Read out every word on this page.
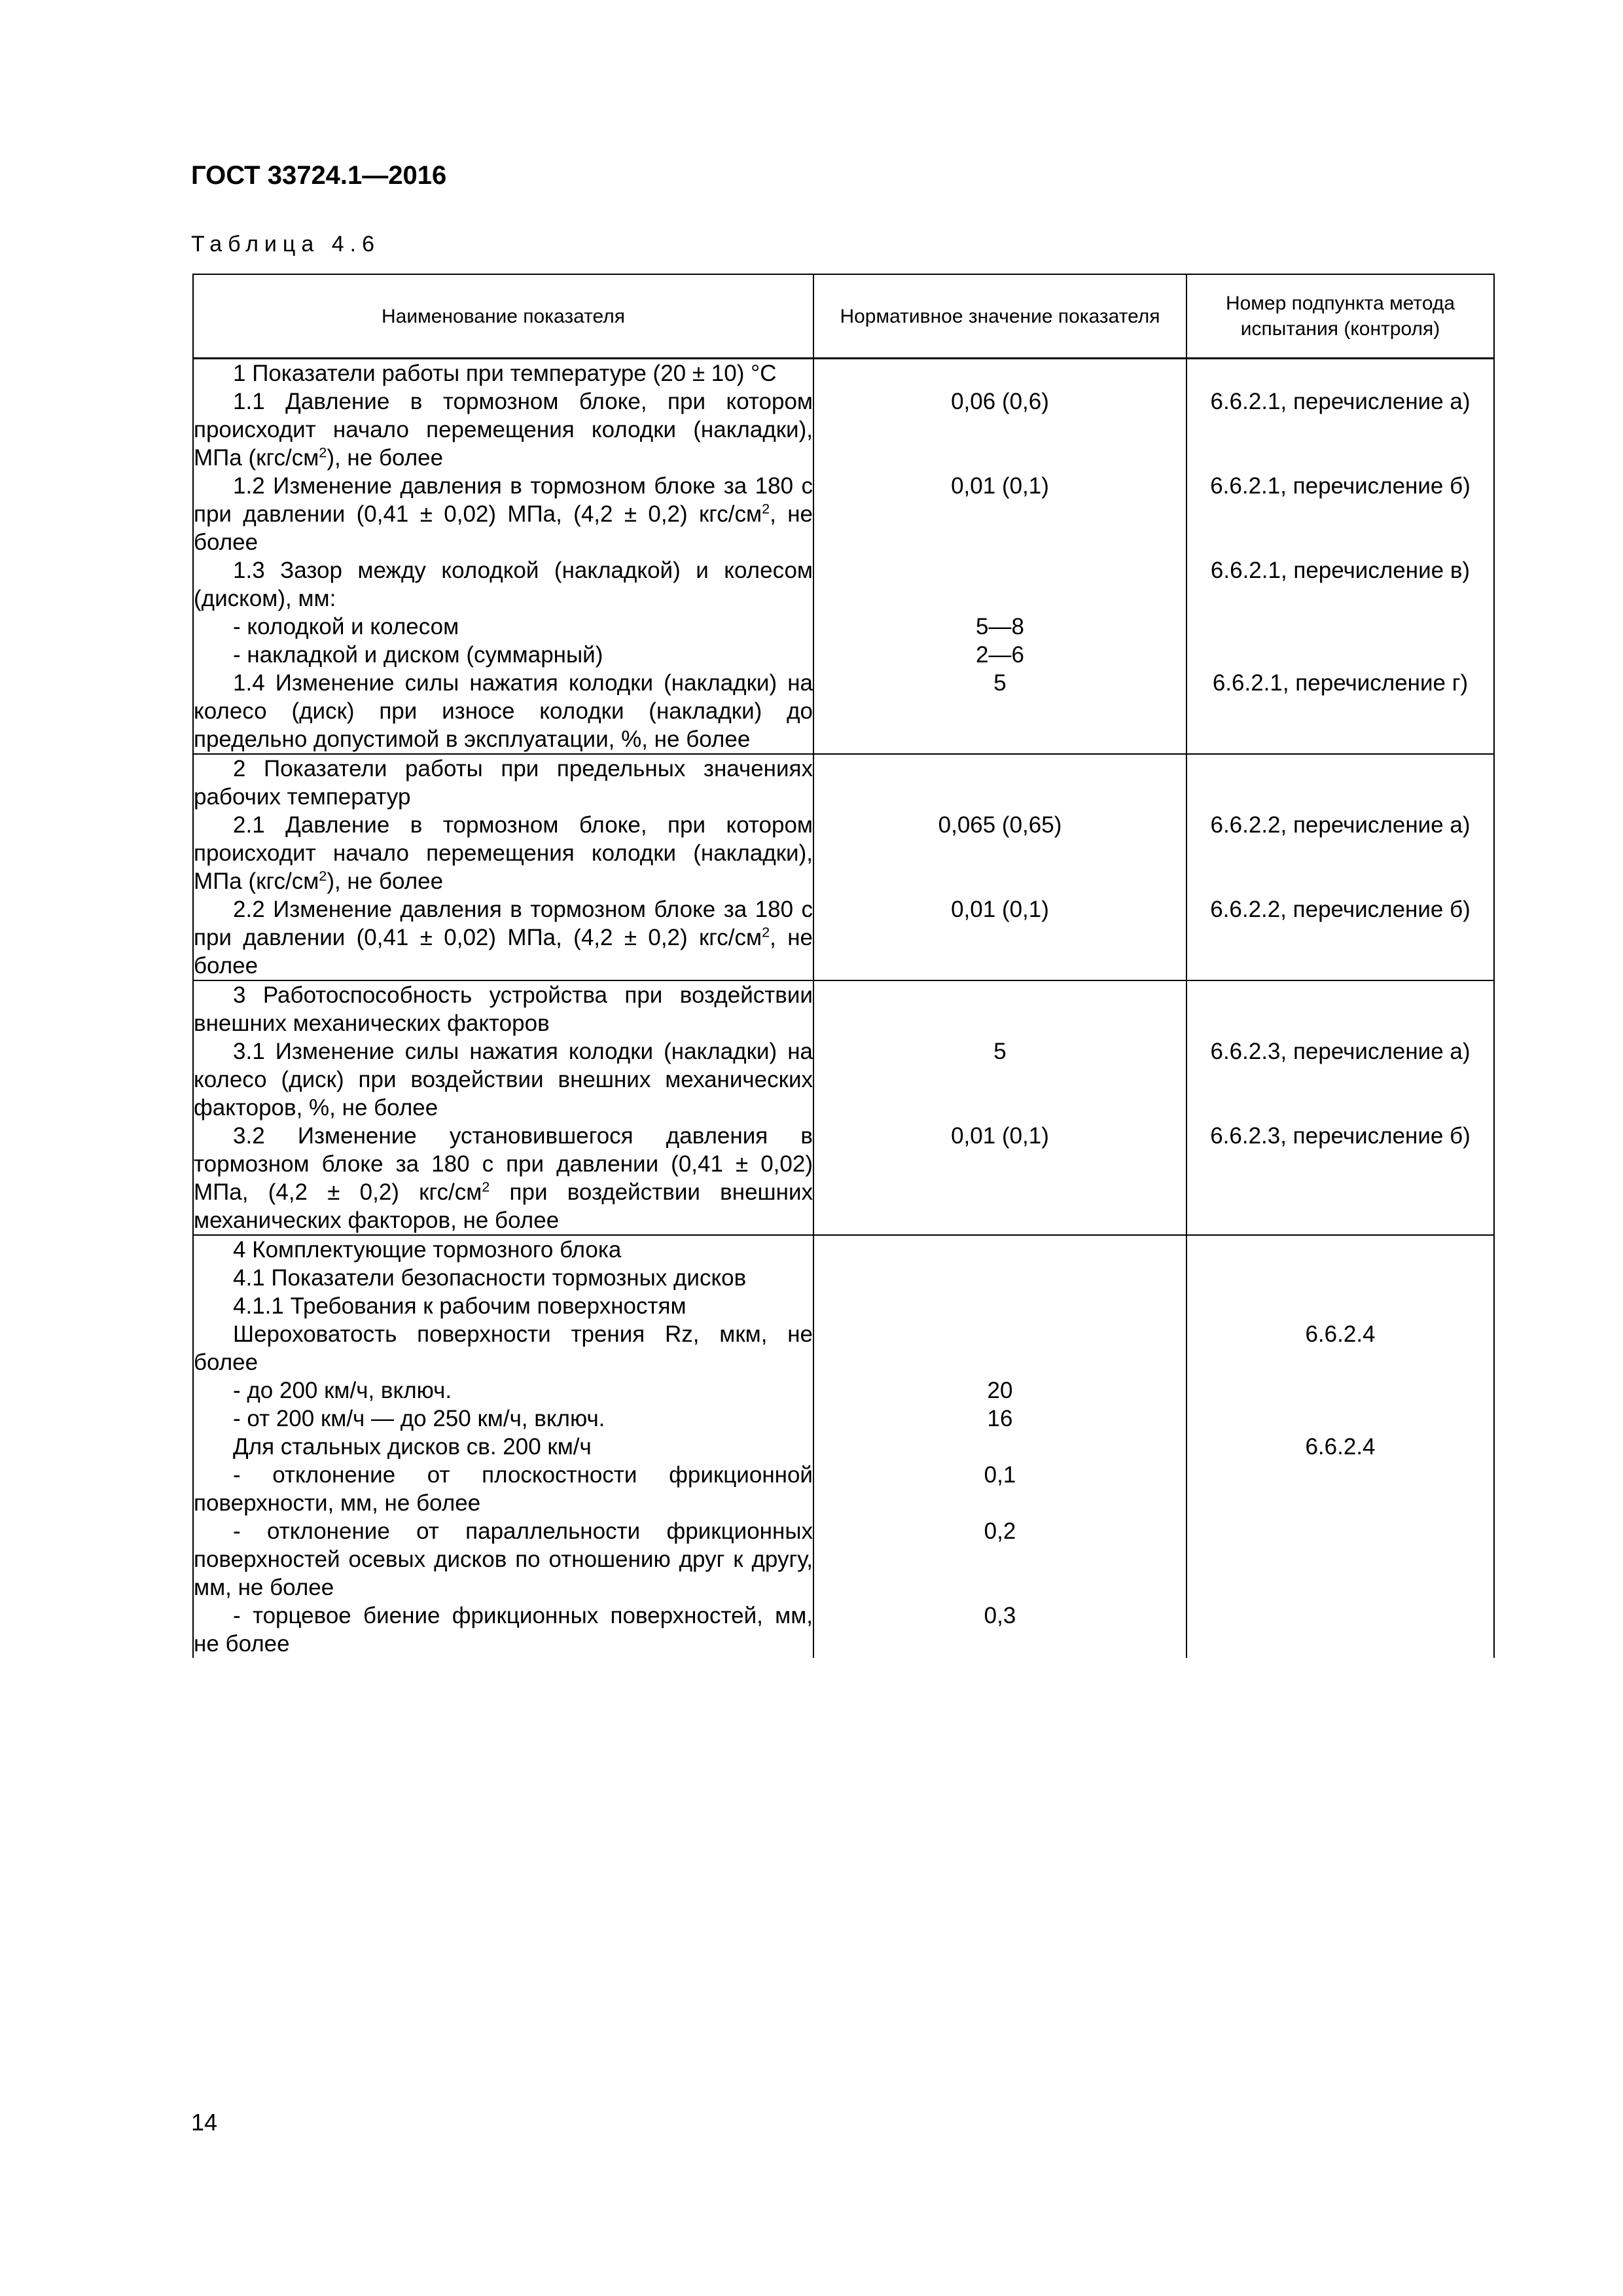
ГОСТ 33724.1—2016
Таблица 4.6
Наименование показателя	Нормативное значение показателя	Номер подпункта метода испытания (контроля)

1 Показатели работы при температуре (20 ± 10) °С		

1.1 Давление в тормозном блоке, при котором происходит начало перемещения колодки (накладки), МПа $(кгс/см^2)$, не более	0,06 (0,6)	6.6.2.1, перечисление а)

1.2 Изменение давления в тормозном блоке за 180 с при давлении (0,41 ± 0,02) МПа, (4,2 ± 0,2) кгс/$см^2$, не более	0,01 (0,1)	6.6.2.1, перечисление б)

1.3 Зазор между колодкой (накладкой) и колесом (диском), мм:		6.6.2.1, перечисление в)

- колодкой и колесом	5—8	

- накладкой и диском (суммарный)	2—6	

1.4 Изменение силы нажатия колодки (накладки) на колесо (диск) при износе колодки (накладки) до предельно допустимой в эксплуатации, %, не более	5	6.6.2.1, перечисление г)

2 Показатели работы при предельных значениях рабочих температур		

2.1 Давление в тормозном блоке, при котором происходит начало перемещения колодки (накладки), МПа $(кгс/см^2)$, не более	0,065 (0,65)	6.6.2.2, перечисление а)

2.2 Изменение давления в тормозном блоке за 180 с при давлении (0,41 ± 0,02) МПа, (4,2 ± 0,2) кгс/$см^2$, не более	0,01 (0,1)	6.6.2.2, перечисление б)

3 Работоспособность устройства при воздействии внешних механических факторов		

3.1 Изменение силы нажатия колодки (накладки) на колесо (диск) при воздействии внешних механических факторов, %, не более	5	6.6.2.3, перечисление а)

3.2 Изменение установившегося давления в тормозном блоке за 180 с при давлении (0,41 ± 0,02) МПа, (4,2 ± 0,2) кгс/$см^2$ при воздействии внешних механических факторов, не более	0,01 (0,1)	6.6.2.3, перечисление б)

4 Комплектующие тормозного блока		

4.1 Показатели безопасности тормозных дисков		

4.1.1 Требования к рабочим поверхностям		

Шероховатость поверхности трения Rz, мкм, не более		6.6.2.4

- до 200 км/ч, включ.	20	

- от 200 км/ч — до 250 км/ч, включ.	16	

Для стальных дисков св. 200 км/ч		6.6.2.4

- отклонение от плоскостности фрикционной поверхности, мм, не более	0,1	

- отклонение от параллельности фрикционных поверхностей осевых дисков по отношению друг к другу, мм, не более	0,2	

- торцевое биение фрикционных поверхностей, мм, не более	0,3	
14
